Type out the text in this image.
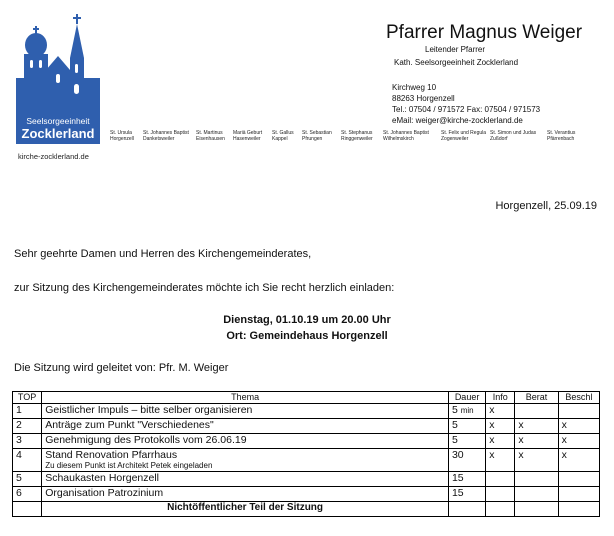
Seelsorgeeinheit
Zocklerland
kirche-zocklerland.de
Pfarrer Magnus Weiger
Leitender Pfarrer
Kath. Seelsorgeeinheit Zocklerland
Kirchweg 10
88263 Horgenzell
Tel.: 07504 / 971572 Fax: 07504 / 971573
eMail: weiger@kirche-zocklerland.de
St. Ursula
Horgenzell
St. Johannes Baptist
Danketsweiler
St. Martinus
Eisenhausen
Mariä Geburt
Hasenweiler
St. Gallus
Kappel
St. Sebastian
Pfrungen
St. Stephanus
Ringgenweiler
St. Johannes Baptist
Wilhelmskirch
St. Felix und Regula
Zogenweiler
St. Simon und Judas
Zußdorf
St. Verantius
Pfärrenbach
Horgenzell, 25.09.19
Sehr geehrte Damen und Herren des Kirchengemeinderates,
zur Sitzung des Kirchengemeinderates möchte ich Sie recht herzlich einladen:
Dienstag, 01.10.19 um 20.00 Uhr
Ort: Gemeindehaus Horgenzell
Die Sitzung wird geleitet von: Pfr. M. Weiger
TOP	Thema	Dauer	Info	Berat	Beschl
1	Geistlicher Impuls – bitte selber organisieren	5 min	x		
2	Anträge zum Punkt "Verschiedenes"	5	x	x	x
3	Genehmigung des Protokolls vom 26.06.19	5	x	x	x
4	Stand Renovation Pfarrhaus
Zu diesem Punkt ist Architekt Petek eingeladen	30	x	x	x
5	Schaukasten Horgenzell	15			
6	Organisation Patrozinium	15			
	Nichtöffentlicher Teil der Sitzung				
